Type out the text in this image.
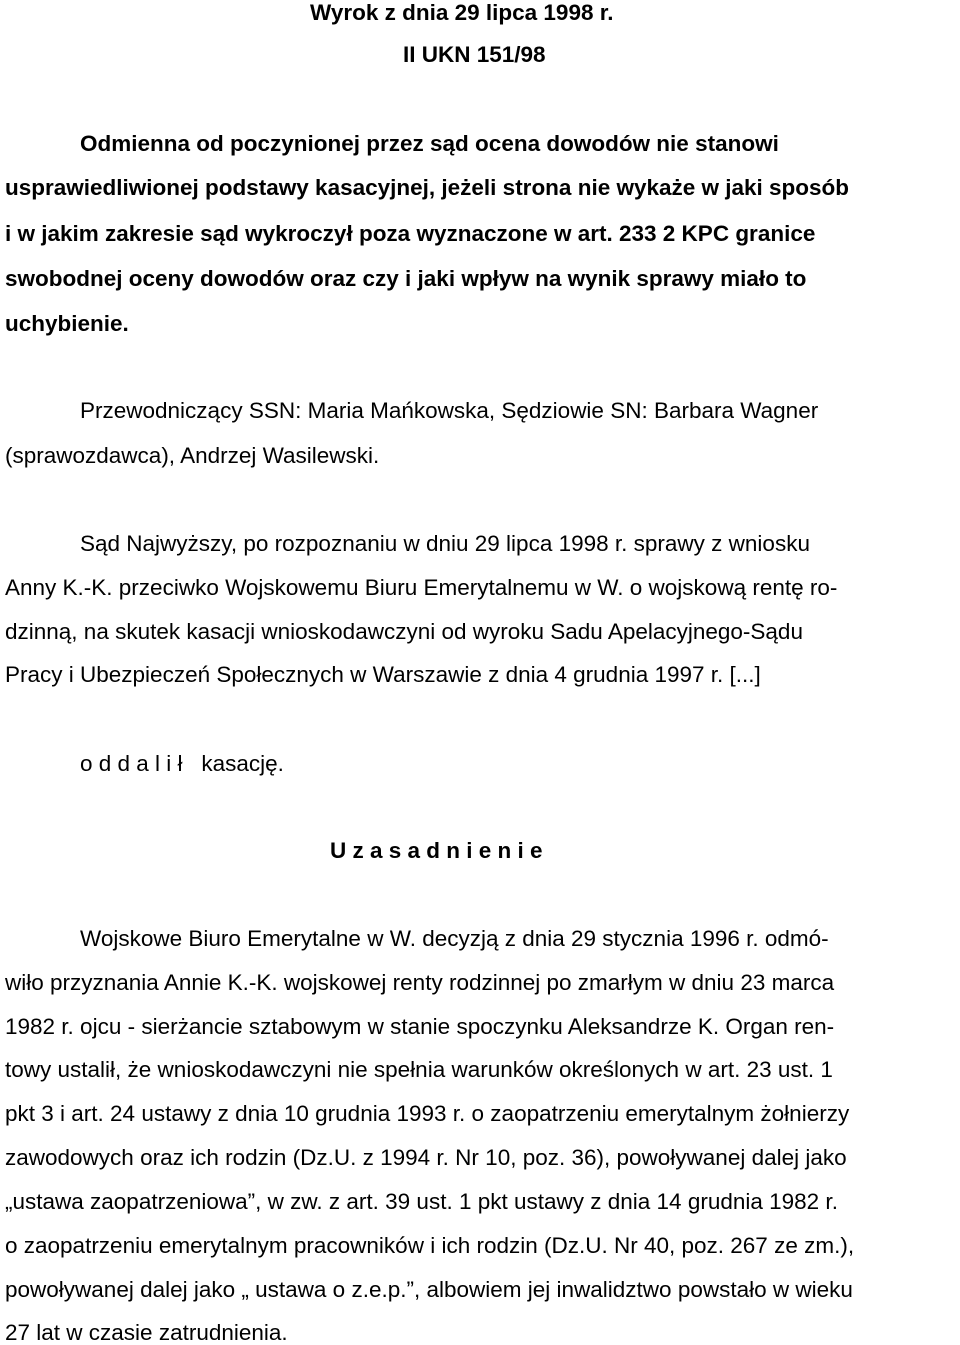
Wyrok z dnia 29 lipca 1998 r.
II UKN 151/98
Odmienna od poczynionej przez sąd ocena dowodów nie stanowi
usprawiedliwionej podstawy kasacyjnej, jeżeli strona nie wykaże w jaki sposób
i w jakim zakresie sąd wykroczył poza wyznaczone w art. 233 2 KPC granice
swobodnej oceny dowodów oraz czy i jaki wpływ na wynik sprawy miało to
uchybienie.
Przewodniczący SSN: Maria Mańkowska, Sędziowie SN: Barbara Wagner
(sprawozdawca), Andrzej Wasilewski.
Sąd Najwyższy, po rozpoznaniu w dniu 29 lipca 1998 r. sprawy z wniosku
Anny K.-K. przeciwko Wojskowemu Biuru Emerytalnemu w W. o wojskową rentę ro-
dzinną, na skutek kasacji wnioskodawczyni od wyroku Sadu Apelacyjnego-Sądu
Pracy i Ubezpieczeń Społecznych w Warszawie z dnia 4 grudnia 1997 r. [...]
o d d a l i ł kasację.
U z a s a d n i e n i e
Wojskowe Biuro Emerytalne w W. decyzją z dnia 29 stycznia 1996 r. odmó-
wiło przyznania Annie K.-K. wojskowej renty rodzinnej po zmarłym w dniu 23 marca
1982 r. ojcu - sierżancie sztabowym w stanie spoczynku Aleksandrze K. Organ ren-
towy ustalił, że wnioskodawczyni nie spełnia warunków określonych w art. 23 ust. 1
pkt 3 i art. 24 ustawy z dnia 10 grudnia 1993 r. o zaopatrzeniu emerytalnym żołnierzy
zawodowych oraz ich rodzin (Dz.U. z 1994 r. Nr 10, poz. 36), powoływanej dalej jako
„ustawa zaopatrzeniowa”, w zw. z art. 39 ust. 1 pkt ustawy z dnia 14 grudnia 1982 r.
o zaopatrzeniu emerytalnym pracowników i ich rodzin (Dz.U. Nr 40, poz. 267 ze zm.),
powoływanej dalej jako „ ustawa o z.e.p.”, albowiem jej inwalidztwo powstało w wieku
27 lat w czasie zatrudnienia.
